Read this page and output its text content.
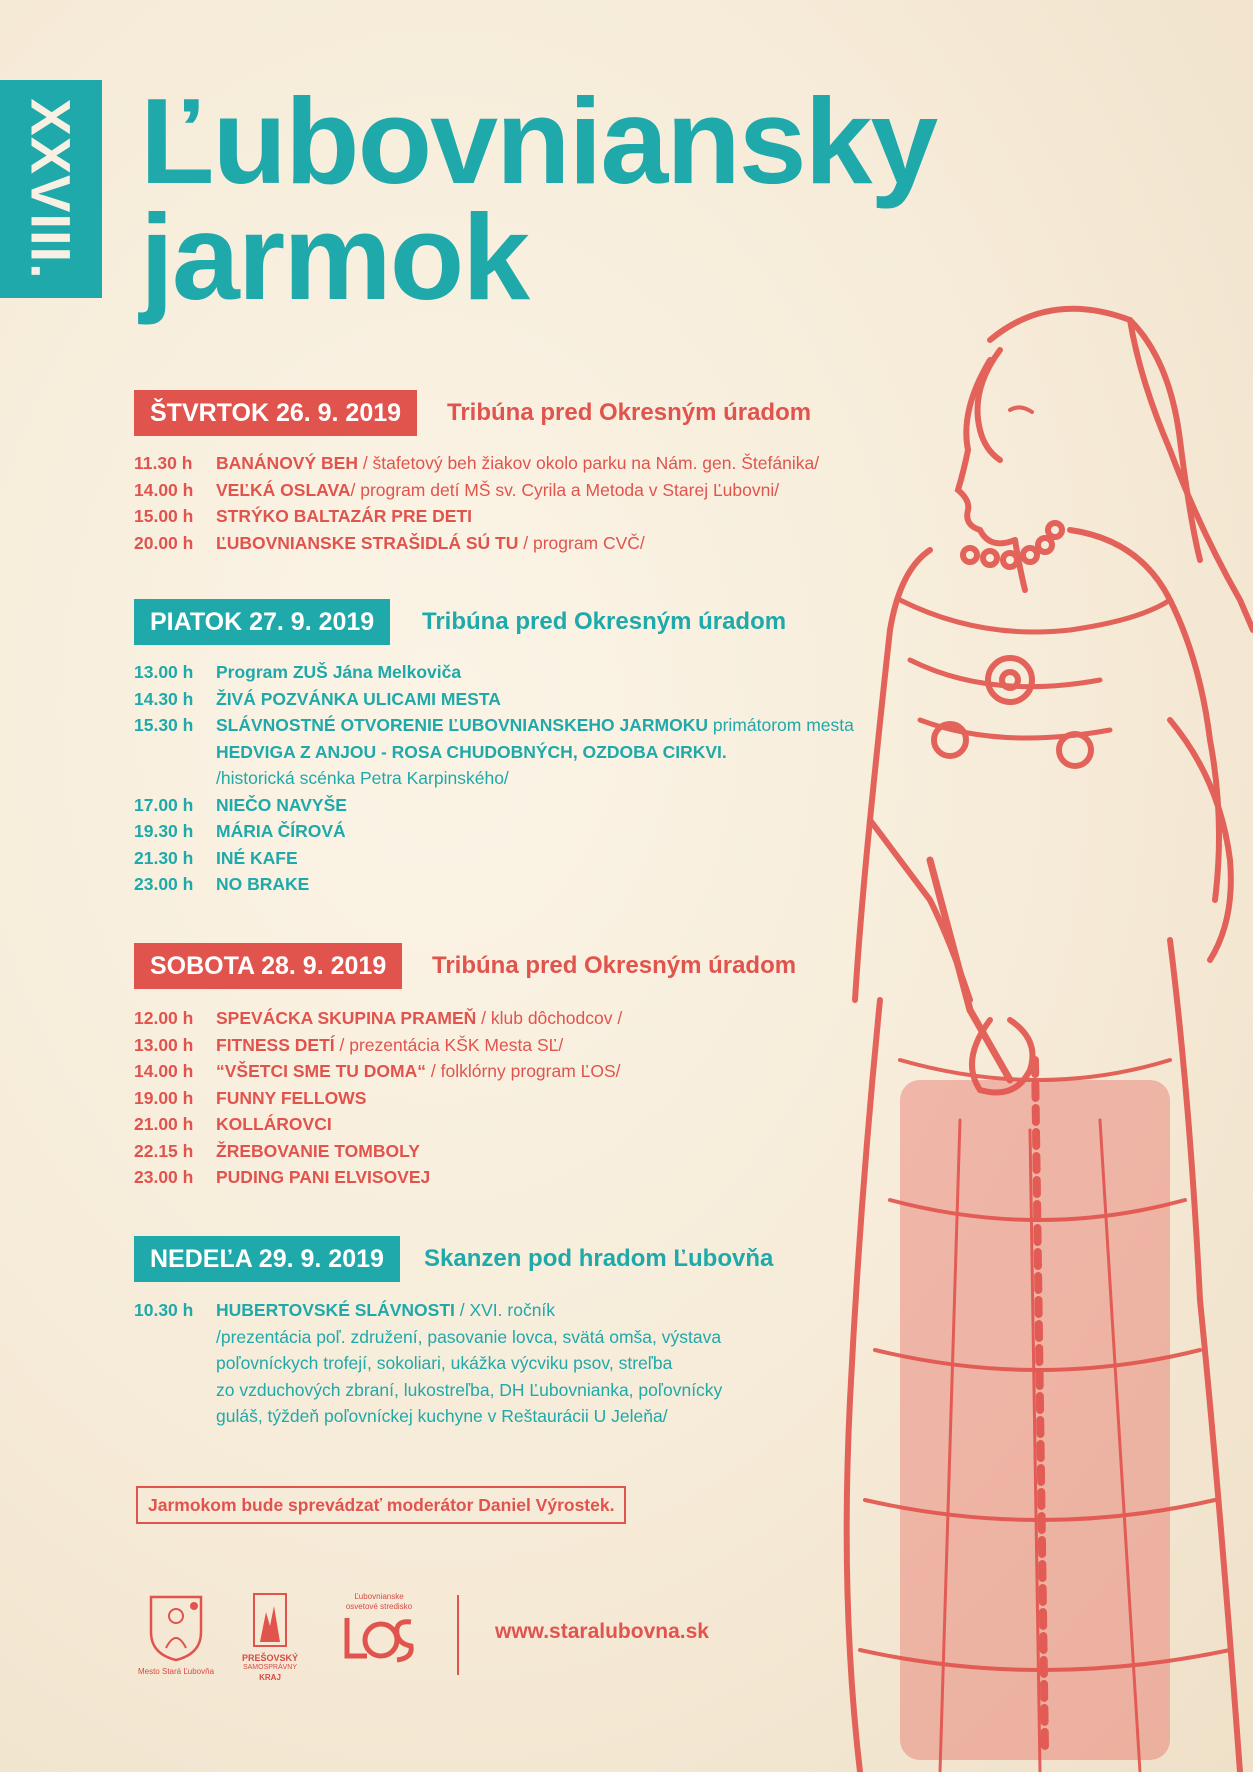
XXVIII. Ľubovniansky
jarmok
ŠTVRTOK 26. 9. 2019	Tribúna pred Okresným úradom
11.30 h BANÁNOVÝ BEH / štafetový beh žiakov okolo parku na Nám. gen. Štefánika/
14.00 h VEĽKÁ OSLAVA/ program detí MŠ sv. Cyrila a Metoda v Starej Ľubovni/
15.00 h STRÝKO BALTAZÁR PRE DETI
20.00 h ĽUBOVNIANSKE STRAŠIDLÁ SÚ TU / program CVČ/
PIATOK 27. 9. 2019	Tribúna pred Okresným úradom
13.00 h Program ZUŠ Jána Melkoviča
14.30 h ŽIVÁ POZVÁNKA ULICAMI MESTA
15.30 h SLÁVNOSTNÉ OTVORENIE ĽUBOVNIANSKEHO JARMOKU primátorom mesta
HEDVIGA Z ANJOU - ROSA CHUDOBNÝCH, OZDOBA CIRKVI.
/historická scénka Petra Karpinského/
17.00 h NIEČO NAVYŠE
19.30 h MÁRIA ČÍROVÁ
21.30 h INÉ KAFE
23.00 h NO BRAKE
SOBOTA 28. 9. 2019	Tribúna pred Okresným úradom
12.00 h SPEVÁCKA SKUPINA PRAMEŇ / klub dôchodcov /
13.00 h FITNESS DETÍ / prezentácia KŠK Mesta SĽ/
14.00 h “VŠETCI SME TU DOMA“ / folklórny program ĽOS/
19.00 h FUNNY FELLOWS
21.00 h KOLLÁROVCI
22.15 h ŽREBOVANIE TOMBOLY
23.00 h PUDING PANI ELVISOVEJ
NEDEĽA 29. 9. 2019	Skanzen pod hradom Ľubovňa
10.30 h HUBERTOVSKÉ SLÁVNOSTI / XVI. ročník
/prezentácia poľ. združení, pasovanie lovca, svätá omša, výstava
poľovníckych trofejí, sokoliari, ukážka výcviku psov, streľba
zo vzduchových zbraní, lukostreľba, DH Ľubovnianka, poľovnícky
guláš, týždeň poľovníckej kuchyne v Reštaurácii U Jeleňa/
Jarmokom bude sprevádzať moderátor Daniel Výrostek.
Mesto Stará Ľubovňa
PREŠOVSKÝ
SAMOSPRÁVNY
KRAJ
Ľubovnianske
osvetové stredisko
www.staralubovna.sk
